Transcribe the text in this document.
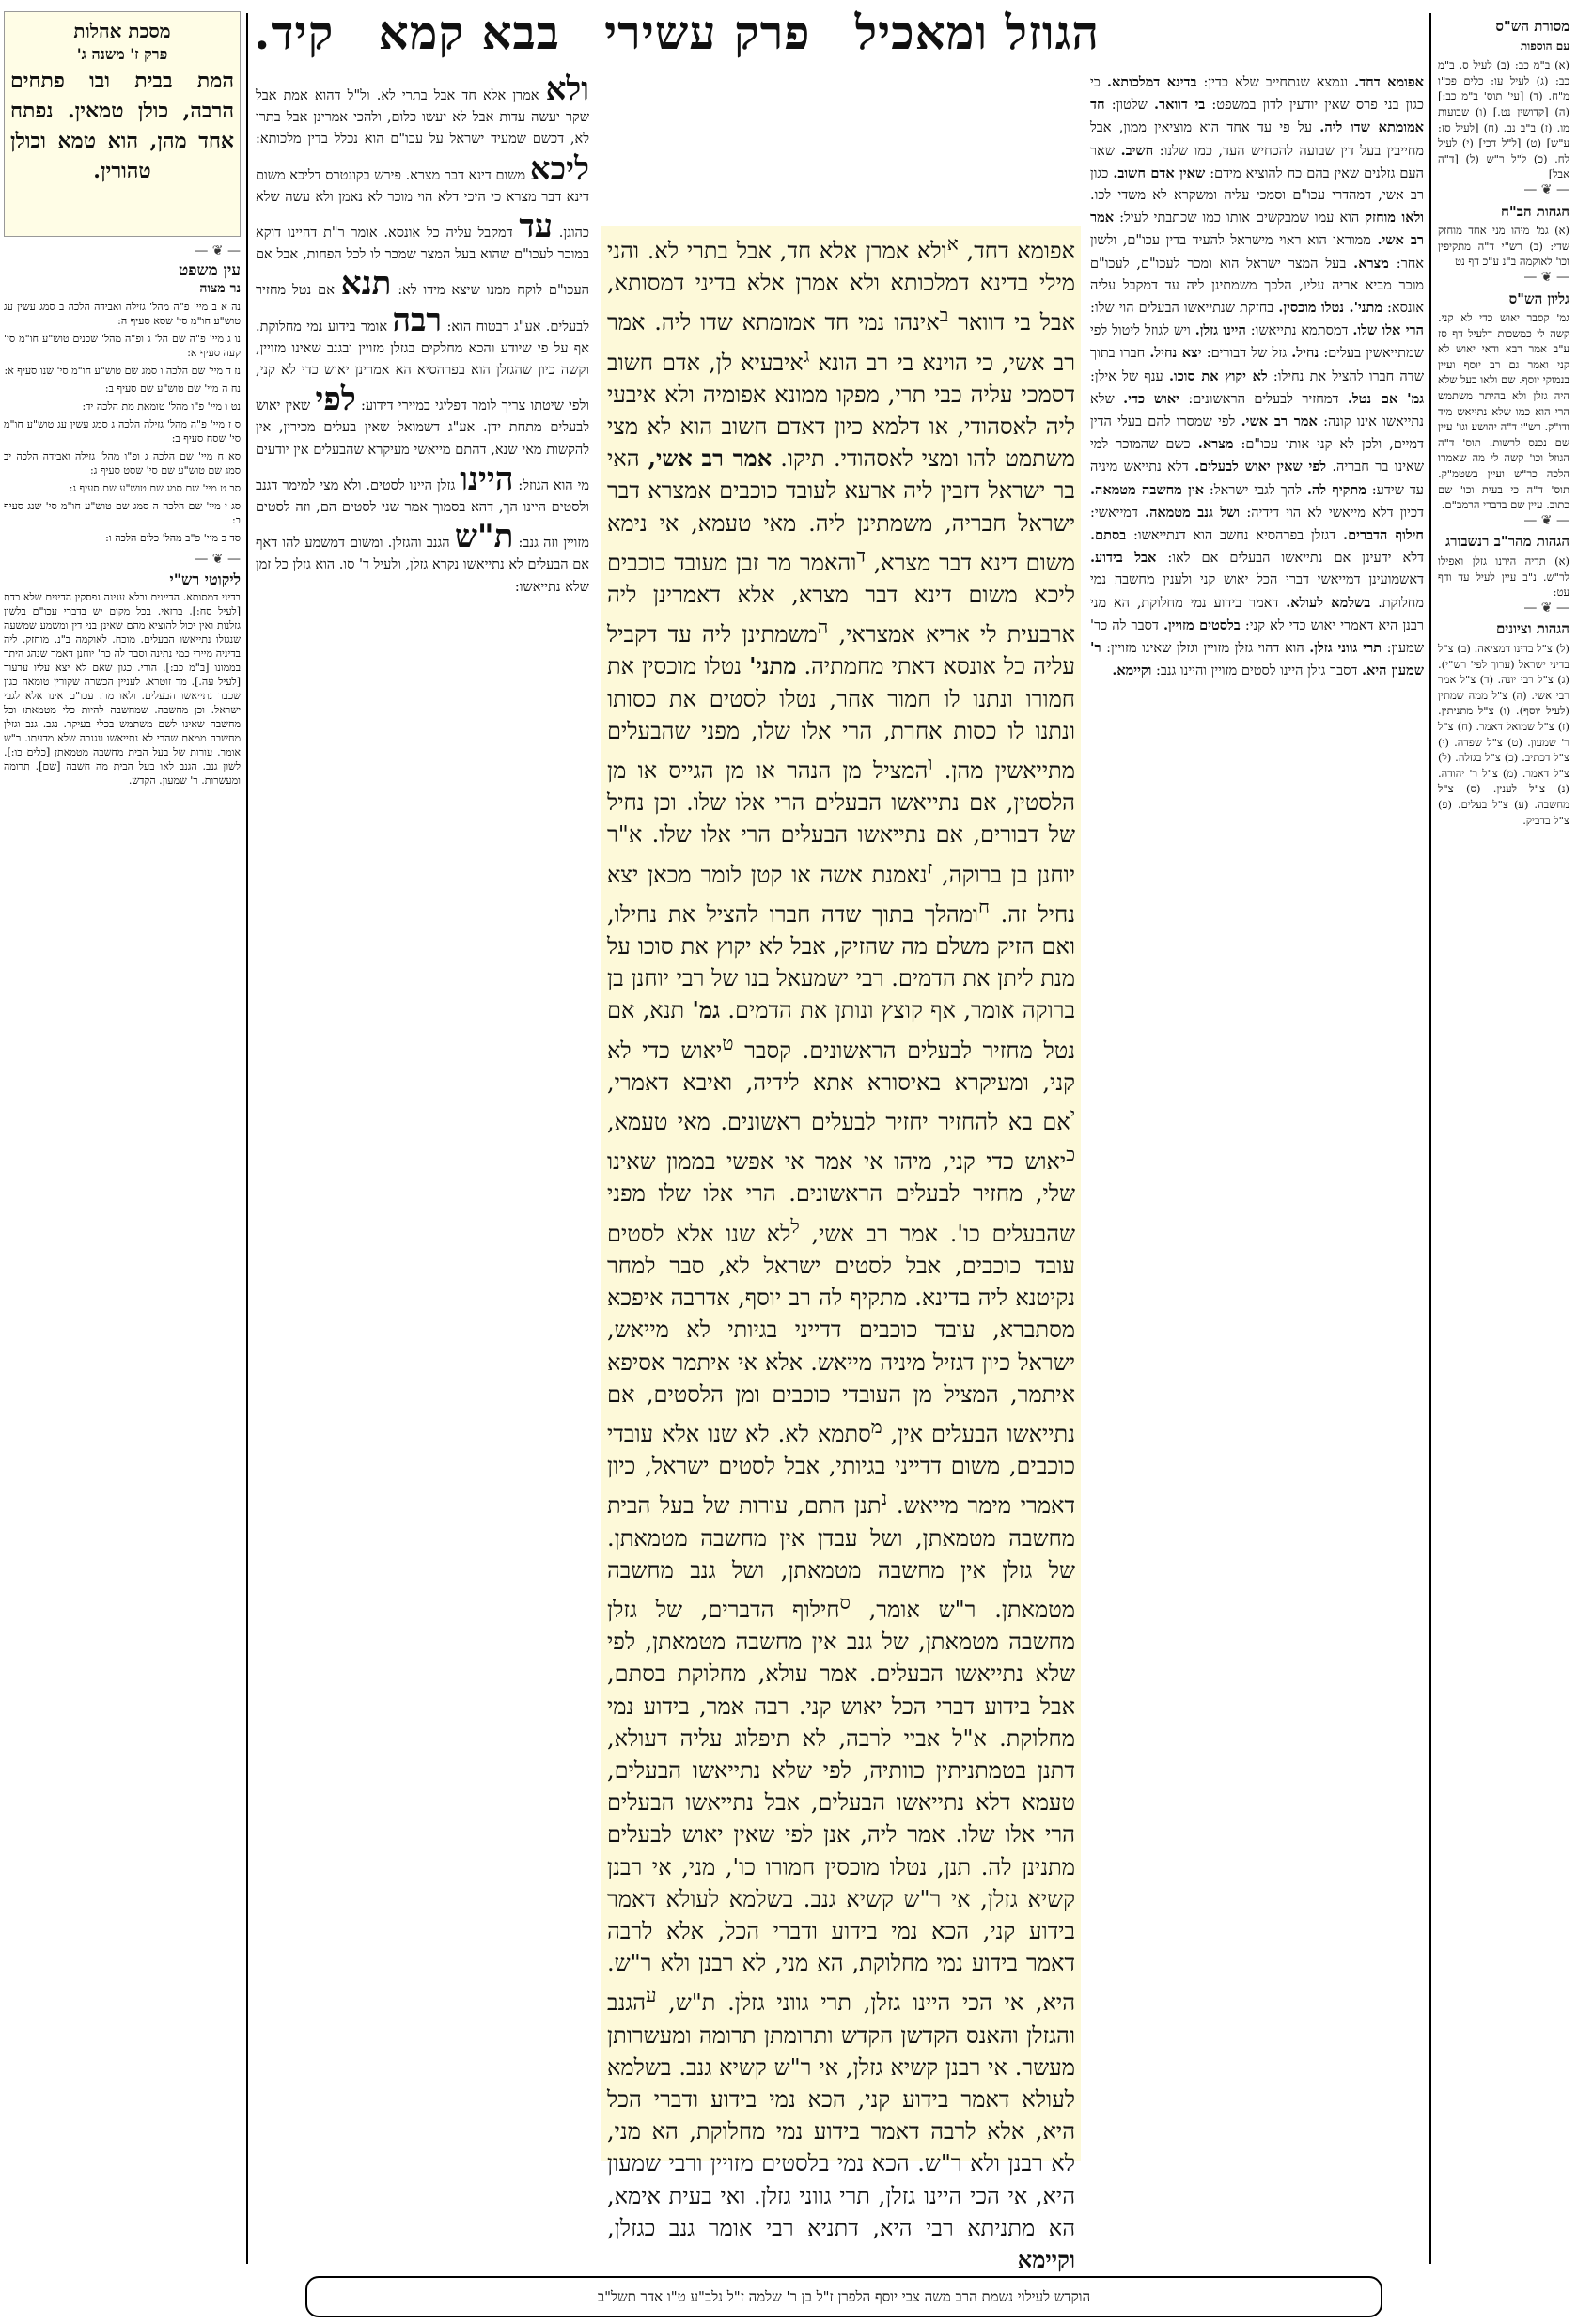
הגוזל ומאכיל
פרק עשירי
בבא קמא
קיד.	מסורת הש"ס
עם הוספות
(א) ב"מ כב: (ב) לעיל ס. ב"מ כב: (ג) לעיל עו: כלים פכ"ו מ"ח. (ד) [עי' תוס' ב"מ כב:] (ה) [קדושין נט.] (ו) שבועות מו. (ז) ב"ב נב. (ח) [לעיל סז: ע"ש] (ט) [ל"ל דכי] (י) לעיל לח. (כ) ל"ל ר"ש (ל) [ד"ה אבל]
— ❦ —
הגהות הב"ח
(א) גמ' מיהו מני אחד מוחזק שדי: (ב) רש"י ד"ה מתקיפין וכו' לאוקמה ב"נ ע"כ דף נט
— ❦ —
גליון הש"ס
גמ' קסבר יאוש כדי לא קני. קשה לי כמשכות דלעיל דף סז ע"ב אמר רבא ודאי יאוש לא קני ואמר גם רב יוסף ועיין בנמוקי יוסף. שם ולאו בעל שלא היה גזלן ולא בהיתר משתמש הרי הוא כמו שלא נתייאש מיד ודו"ק. רש"י ד"ה יהושע וגו' עיין שם נכנס לרשות. תוס' ד"ה הגוזל וכו' קשה לי מה שאמרו הלכה כר"ש ועיין בשטמ"ק. תוס' ד"ה כי בעית וכו' שם כתוב. עיין שם בדברי הרמב"ם.
— ❦ —
הגהות מהר"ב רנשבורג
(א) תדיה הירנו גזלן ואפילו לר"ש. נ"ב עיין לעיל עד ודף עט:
— ❦ —
הגהות וציונים
(ל) צ"ל בדינו דמציאה. (ב) צ"ל בדיני ישראל (ערוך לפי' רש"י). (ג) צ"ל רבי יונה. (ד) צ"ל אמר רבי אשי. (ה) צ"ל ממה שמתין (לעיל יוסף). (ו) צ"ל מתניתין. (ז) צ"ל שמואל דאמר. (ח) צ"ל ר' שמעון. (ט) צ"ל שפדה. (י) צ"ל דכתיב. (כ) צ"ל בגזלה. (ל) צ"ל דאמר. (מ) צ"ל ר' יהודה. (נ) צ"ל לענין. (ס) צ"ל מחשבה. (ע) צ"ל בעלים. (פ) צ"ל בדביק.
מסכת אהלות
פרק ז' משנה ג'
המת בבית ובו פתחים הרבה, כולן טמאין. נפתח אחד מהן, הוא טמא וכולן טהורין.
— ❦ —
עין משפט
נר מצוה
נה א ב מיי' פ"ה מהל' גזילה ואבידה הלכה ב סמג עשין עג טוש"ע חו"מ סי' שסא סעיף ה:
נו ג מיי' פ"ה שם הל' ג ופ"ה מהל' שכנים טוש"ע חו"מ סי' קעה סעיף א:
נז ד מיי' שם הלכה ו סמג שם טוש"ע חו"מ סי' שנו סעיף א:
נח ה מיי' שם טוש"ע שם סעיף ב:
נט ו מיי' פ"ו מהל' טומאת מת הלכה יד:
ס ז מיי' פ"ה מהל' גזילה הלכה ג סמג עשין עג טוש"ע חו"מ סי' שסח סעיף ב:
סא ח מיי' שם הלכה ג ופ"ו מהל' גזילה ואבידה הלכה יב סמג שם טוש"ע שם סי' שסט סעיף ג:
סב ט מיי' שם סמג שם טוש"ע שם סעיף ג:
סג י מיי' שם הלכה ה סמג שם טוש"ע חו"מ סי' שנג סעיף ב:
סד כ מיי' פ"ב מהל' כלים הלכה ו:
— ❦ —
ליקוטי רש"י
בדיני דמסותא. הדיינים ובלא ענינה נפסקין הדינים שלא כדת [לעיל סח:]. ברזאי. בכל מקום יש בדברי עכו"ם בלשון גזלנות ואין יכול להוציא מהם שאינן בני דין ומשמע שמשעה שנגזלו נתייאשו הבעלים. מוכח. לאוקמה ב"נ. מוחזק. ליה בדיניה מיירי כמי נתינה וסבר לה כר' יוחנן דאמר שנהג היתר בממונו [ב"מ כב:]. הורי. כגון שאם לא יצא עליו ערעור [לעיל עה.]. מר זוטרא. לעניין הכשרה שקורין טומאה כגון שכבר נתייאשו הבעלים. ולאו מר. עכו"ם אינו אלא לגבי ישראל. וכן מחשבה. שמחשבה להיות כלי מטמאתו וכל מחשבה שאינו לשם משתמש בכלי בעיקר. נגב. גנב וגזלן מחשבה ממאת שהרי לא נתייאשו ונגנבה שלא מדעתו. ר"ש אומר. עורות של בעל הבית מחשבה מטמאתן [כלים כו:]. לשון גנב. הגנב לאו בעל הבית מה חשבה [שם]. תרומה ומעשרות. ר' שמעון. הקדש.
אפומא דחד. ונמצא שנתחייב שלא כדין: בדינא דמלכותא. כי כגון בני פרס שאין יודעין לדון במשפט: בי דוואר. שלטון: חד אמומתא שדו ליה. על פי עד אחד הוא מוציאין ממון, אבל מחייבין בעל דין שבועה להכחיש העד, כמו שלנו: חשיב. שאר העם גזלנים שאין בהם כח להוציא מידם: שאין אדם חשוב. כגון רב אשי, דמהדרי עכו"ם וסמכי עליה ומשקרא לא משדי לכו. ולאו מוחזק הוא עמו שמבקשים אותו כמו שכתבתי לעיל: אמר רב אשי. ממוראו הוא ראוי מישראל להעיד בדין עכו"ם, ולשון אחר: מצרא. בעל המצר ישראל הוא ומכר לעכו"ם, לעכו"ם מוכר מביא אריה עליו, הלכך משמתינן ליה עד דמקבל עליה אונסא: מתני'. נטלו מוכסין. בחזקת שנתייאשו הבעלים הוי שלו: הרי אלו שלו. דמסתמא נתייאשו: היינו גזלן. ויש לגוזל ליטול לפי שמתייאשין בעלים: נחיל. גזל של דבורים: יצא נחיל. חברו בתוך שדה חברו להציל את נחילו: לא יקוץ את סוכו. ענף של אילן: גמ' אם נטל. דמחזיר לבעלים הראשונים: יאוש כדי. שלא נתייאשו אינו קונה: אמר רב אשי. לפי שמסרו להם בעלי הדין דמיים, ולכן לא קני אותו עכו"ם: מצרא. כשם שהמוכר למי שאינו בר חבריה. לפי שאין יאוש לבעלים. דלא נתייאש מיניה עד שידע: מתקיף לה. להך לגבי ישראל: אין מחשבה מטמאה. דכיון דלא מייאשי לא הוי דידיה: ושל גנב מטמאה. דמייאשי: חילוף הדברים. דגזלן בפרהסיא נחשב הוא דנתייאשו: בסתם. דלא ידעינן אם נתייאשו הבעלים אם לאו: אבל בידוע. דאשמועינן דמייאשי דברי הכל יאוש קני ולענין מחשבה נמי מחלוקת. בשלמא לעולא. דאמר בידוע נמי מחלוקת, הא מני רבנן היא דאמרי יאוש כדי לא קני: בלסטים מזויין. דסבר לה כר' שמעון: תרי גווני גזלן. הוא דהוי גזלן מזויין וגזלן שאינו מזויין: ר' שמעון היא. דסבר גזלן היינו לסטים מזויין והיינו גנב: וקיימא.
ולא אמרן אלא חד אבל בתרי לא. ול"ל דהוא אמת אבל שקר יעשה עדות אבל לא יעשו כלום, ולהכי אמרינן אבל בתרי לא, דכשם שמעיד ישראל על עכו"ם הוא נכלל בדין מלכותא: ליכא משום דינא דבר מצרא. פירש בקונטרס דליכא משום דינא דבר מצרא כי היכי דלא הוי מוכר לא נאמן ולא עשה שלא כהוגן. עד דמקבל עליה כל אונסא. אומר ר"ת דהיינו דוקא במוכר לעכו"ם שהוא בעל המצר שמכר לו לכל הפחות, אבל אם העכו"ם לוקח ממנו שיצא מידו לא: תנא אם נטל מחזיר לבעלים. אע"ג דבטוח הוא: רבה אומר בידוע נמי מחלוקת. אף על פי שיודע והכא מחלקים בגזלן מזויין ובגנב שאינו מזויין, וקשה כיון שהגזלן הוא בפרהסיא הא אמרינן יאוש כדי לא קני, ולפי שיטתו צריך לומר דפליגי במיירי דידוע: לפי שאין יאוש לבעלים מתחת ידן. אע"ג דשמואל שאין בעלים מכירין, אין להקשות מאי שנא, דהתם מייאשי מעיקרא שהבעלים אין יודעים מי הוא הגוזל: היינו גזלן היינו לסטים. ולא מצי למימר דגנב ולסטים היינו הך, דהא בסמוך אמר שני לסטים הם, וזה לסטים מזויין וזה גנב: ת"ש הגנב והגזלן. ומשום דמשמע להו דאף אם הבעלים לא נתייאשו נקרא גזלן, ולעיל ד' סו. הוא גזלן כל זמן שלא נתייאשו:
אפומא דחד, $^א$ולא אמרן אלא חד, אבל בתרי לא. והני מילי בדינא דמלכותא ולא אמרן אלא בדיני דמסותא, אבל בי דוואר $^ב$אינהו נמי חד אמומתא שדו ליה. אמר רב אשי, כי הוינא בי רב הונא $^ג$איבעיא לן, אדם חשוב דסמכי עליה כבי תרי, מפקו ממונא אפומיה ולא איבעי ליה לאסהודי, או דלמא כיון דאדם חשוב הוא לא מצי משתמט להו ומצי לאסהודי. תיקו. אמר רב אשי, האי בר ישראל דזבין ליה ארעא לעובד כוכבים אמצרא דבר ישראל חבריה, משמתינן ליה. מאי טעמא, אי נימא משום דינא דבר מצרא, $^ד$והאמר מר זבן מעובד כוכבים ליכא משום דינא דבר מצרא, אלא דאמרינן ליה ארבעית לי אריא אמצראי, $^ה$משמתינן ליה עד דקביל עליה כל אונסא דאתי מחמתיה. מתני' נטלו מוכסין את חמורו ונתנו לו חמור אחר, נטלו לסטים את כסותו ונתנו לו כסות אחרת, הרי אלו שלו, מפני שהבעלים מתייאשין מהן. $^ו$המציל מן הנהר או מן הגייס או מן הלסטין, אם נתייאשו הבעלים הרי אלו שלו. וכן נחיל של דבורים, אם נתייאשו הבעלים הרי אלו שלו. א"ר יוחנן בן ברוקה, $^ז$נאמנת אשה או קטן לומר מכאן יצא נחיל זה. $^ח$ומהלך בתוך שדה חברו להציל את נחילו, ואם הזיק משלם מה שהזיק, אבל לא יקוץ את סוכו על מנת ליתן את הדמים. רבי ישמעאל בנו של רבי יוחנן בן ברוקה אומר, אף קוצץ ונותן את הדמים. גמ' תנא, אם נטל מחזיר לבעלים הראשונים. קסבר $^ט$יאוש כדי לא קני, ומעיקרא באיסורא אתא לידיה, ואיבא דאמרי, $^י$אם בא להחזיר יחזיר לבעלים ראשונים. מאי טעמא, $^כ$יאוש כדי קני, מיהו אי אמר אי אפשי בממון שאינו שלי, מחזיר לבעלים הראשונים. הרי אלו שלו מפני שהבעלים כו'. אמר רב אשי, $^ל$לא שנו אלא לסטים עובד כוכבים, אבל לסטים ישראל לא, סבר למחר נקיטנא ליה בדינא. מתקיף לה רב יוסף, אדרבה איפכא מסתברא, עובד כוכבים דדייני בגיותי לא מייאש, ישראל כיון דגזיל מיניה מייאש. אלא אי איתמר אסיפא איתמר, המציל מן העובדי כוכבים ומן הלסטים, אם נתייאשו הבעלים אין, $^מ$סתמא לא. לא שנו אלא עובדי כוכבים, משום דדייני בגיותי, אבל לסטים ישראל, כיון דאמרי מימר מייאש. $^נ$תנן התם, עורות של בעל הבית מחשבה מטמאתן, ושל עבדן אין מחשבה מטמאתן. של גזלן אין מחשבה מטמאתן, ושל גנב מחשבה מטמאתן. ר"ש אומר, $^ס$חילוף הדברים, של גזלן מחשבה מטמאתן, של גנב אין מחשבה מטמאתן, לפי שלא נתייאשו הבעלים. אמר עולא, מחלוקת בסתם, אבל בידוע דברי הכל יאוש קני. רבה אמר, בידוע נמי מחלוקת. א"ל אביי לרבה, לא תיפלוג עליה דעולא, דתנן בטמתניתין כוותיה, לפי שלא נתייאשו הבעלים, טעמא דלא נתייאשו הבעלים, אבל נתייאשו הבעלים הרי אלו שלו. אמר ליה, אנן לפי שאין יאוש לבעלים מתנינן לה. תנן, נטלו מוכסין חמורו כו', מני, אי רבנן קשיא גזלן, אי ר"ש קשיא גנב. בשלמא לעולא דאמר בידוע קני, הכא נמי בידוע ודברי הכל, אלא לרבה דאמר בידוע נמי מחלוקת, הא מני, לא רבנן ולא ר"ש. היא, אי הכי היינו גזלן, תרי גווני גזלן. ת"ש, $^ע$הגנב והגזלן והאנס הקדשן הקדש ותרומתן תרומה ומעשרותן מעשר. אי רבנן קשיא גזלן, אי ר"ש קשיא גנב. בשלמא לעולא דאמר בידוע קני, הכא נמי בידוע ודברי הכל היא, אלא לרבה דאמר בידוע נמי מחלוקת, הא מני, לא רבנן ולא ר"ש. הכא נמי בלסטים מזויין ורבי שמעון היא, אי הכי היינו גזלן, תרי גווני גזלן. ואי בעית אימא, הא מתניתא רבי היא, דתניא רבי אומר גנב כגזלן, וקיימא
הוקדש לעילוי נשמת הרב משה צבי יוסף הלפרן ז"ל בן ר' שלמה ז"ל נלב"ע ט"ו אדר תשל"ב
